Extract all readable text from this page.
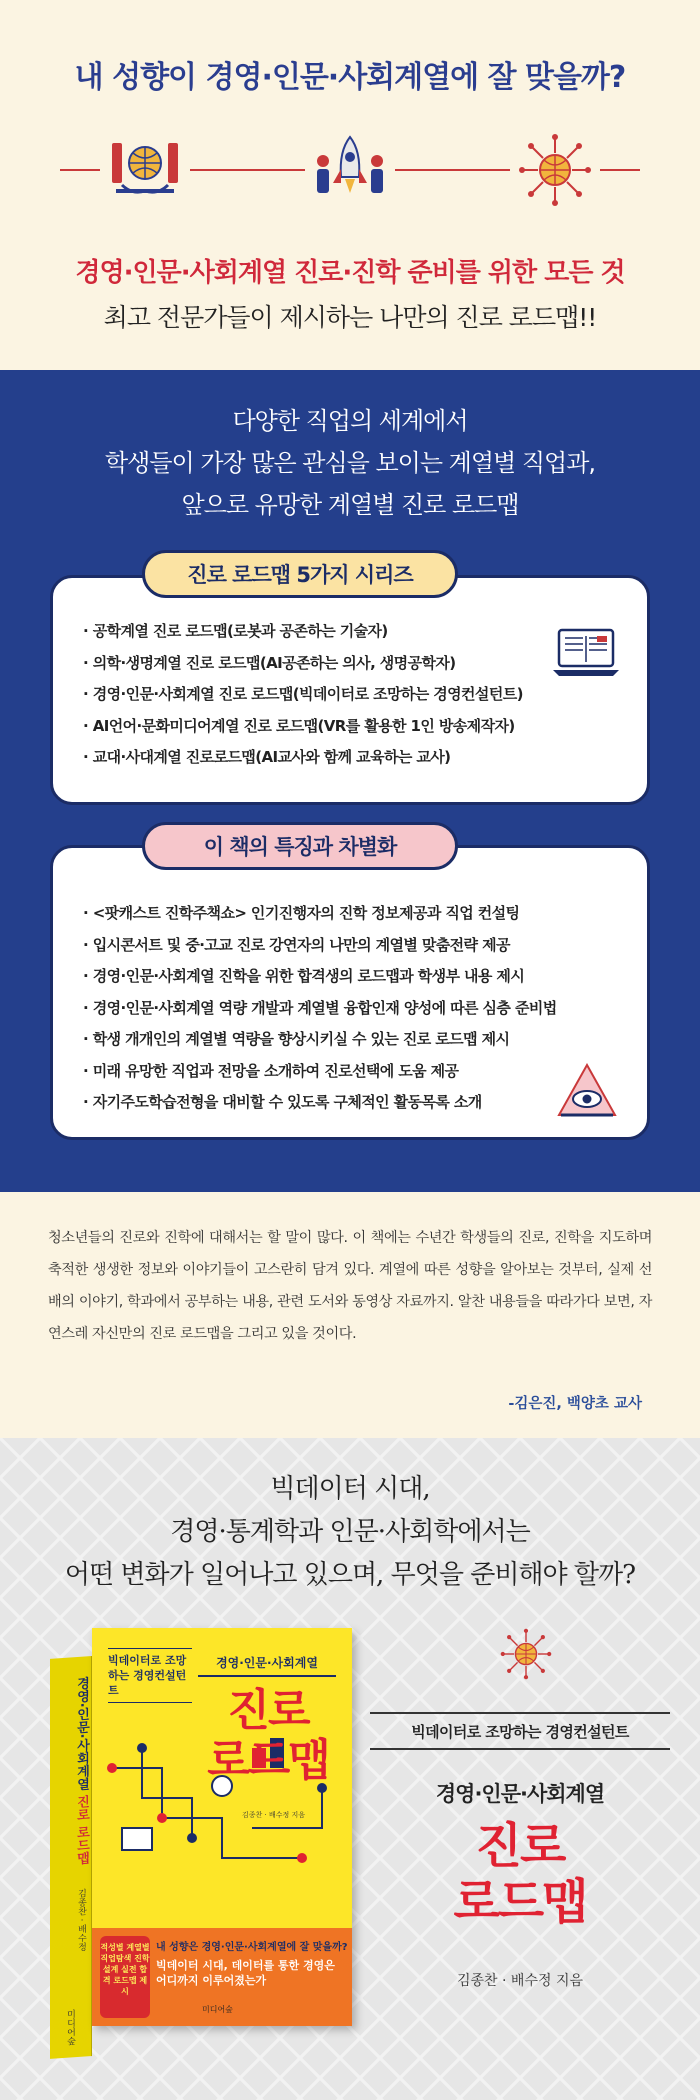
내 성향이 경영·인문·사회계열에 잘 맞을까?
경영·인문·사회계열 진로·진학 준비를 위한 모든 것
최고 전문가들이 제시하는 나만의 진로 로드맵!!
다양한 직업의 세계에서
학생들이 가장 많은 관심을 보이는 계열별 직업과,
앞으로 유망한 계열별 진로 로드맵
· 공학계열 진로 로드맵(로봇과 공존하는 기술자)
· 의학·생명계열 진로 로드맵(AI공존하는 의사, 생명공학자)
· 경영·인문·사회계열 진로 로드맵(빅데이터로 조망하는 경영컨설턴트)
· AI언어·문화미디어계열 진로 로드맵(VR를 활용한 1인 방송제작자)
· 교대·사대계열 진로로드맵(AI교사와 함께 교육하는 교사)
진로 로드맵 5가지 시리즈
· <팟캐스트 진학주책쇼> 인기진행자의 진학 정보제공과 직업 컨설팅
· 입시콘서트 및 중·고교 진로 강연자의 나만의 계열별 맞춤전략 제공
· 경영·인문·사회계열 진학을 위한 합격생의 로드맵과 학생부 내용 제시
· 경영·인문·사회계열 역량 개발과 계열별 융합인재 양성에 따른 심층 준비법
· 학생 개개인의 계열별 역량을 향상시키실 수 있는 진로 로드맵 제시
· 미래 유망한 직업과 전망을 소개하여 진로선택에 도움 제공
· 자기주도학습전형을 대비할 수 있도록 구체적인 활동목록 소개
이 책의 특징과 차별화
청소년들의 진로와 진학에 대해서는 할 말이 많다. 이 책에는 수년간 학생들의 진로, 진학을 지도하며 축적한 생생한 정보와 이야기들이 고스란히 담겨 있다. 계열에 따른 성향을 알아보는 것부터, 실제 선배의 이야기, 학과에서 공부하는 내용, 관련 도서와 동영상 자료까지. 알찬 내용들을 따라가다 보면, 자연스레 자신만의 진로 로드맵을 그리고 있을 것이다.
-김은진, 백양초 교사
빅데이터 시대,
경영·통계학과 인문·사회학에서는
어떤 변화가 일어나고 있으며, 무엇을 준비해야 할까?
경영·인문·사회계열 진로 로드맵 김종찬 · 배수정
미디어숲
빅데이터로 조망하는 경영컨설턴트
경영·인문·사회계열
진로
로드맵
김종찬 · 배수정 지음
적성별 계열별 직업탐색 진학 설계 실전 합격 로드맵 제시
내 성향은 경영·인문·사회계열에 잘 맞을까?
빅데이터 시대, 데이터를 통한 경영은 어디까지 이루어졌는가
미디어숲
빅데이터로 조망하는 경영컨설턴트
경영·인문·사회계열
진로
로드맵
김종찬 · 배수정 지음
